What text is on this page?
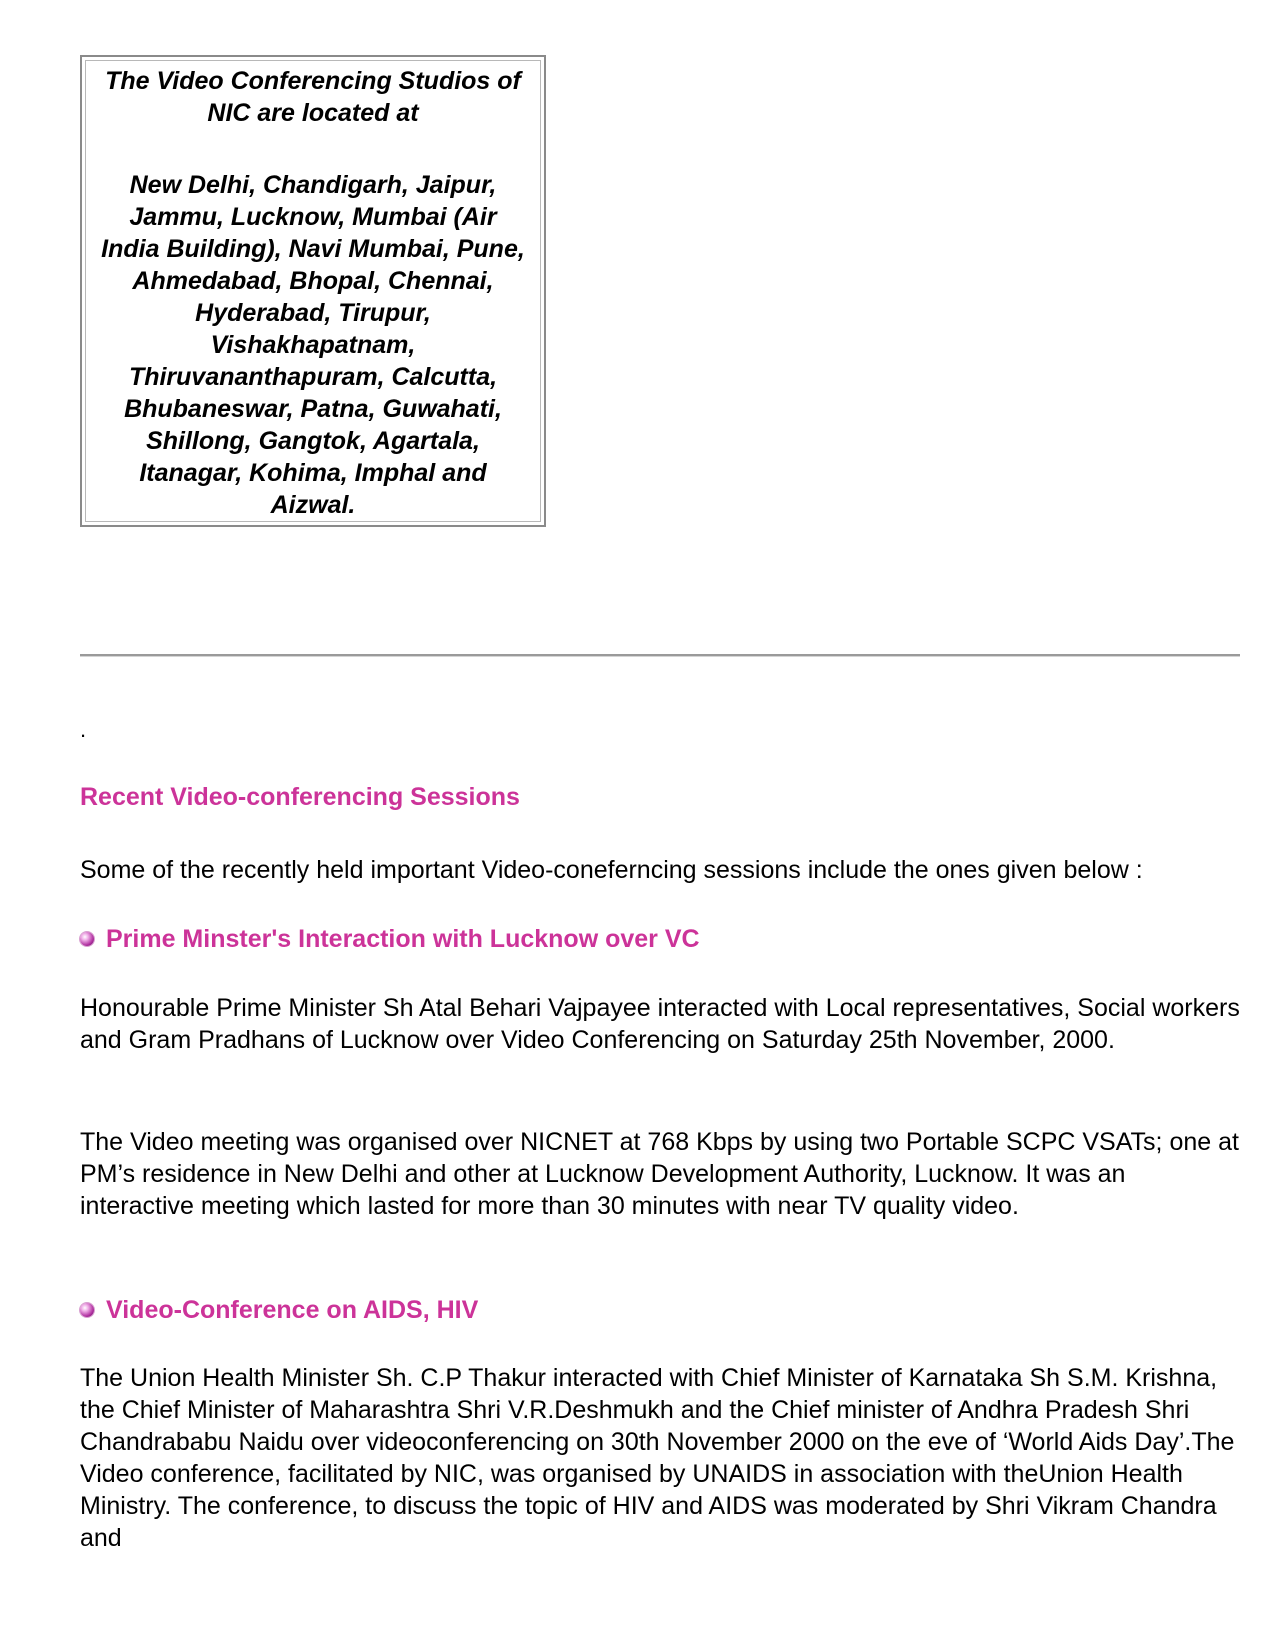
The Video Conferencing Studios of NIC are located at

New Delhi, Chandigarh, Jaipur, Jammu, Lucknow, Mumbai (Air India Building), Navi Mumbai, Pune, Ahmedabad, Bhopal, Chennai, Hyderabad, Tirupur, Vishakhapatnam, Thiruvananthapuram, Calcutta, Bhubaneswar, Patna, Guwahati, Shillong, Gangtok, Agartala, Itanagar, Kohima, Imphal and Aizwal.

.
Recent Video-conferencing Sessions

Some of the recently held important Video-coneferncing sessions include the ones given below :

Prime Minster's Interaction with Lucknow over VC

Honourable Prime Minister Sh Atal Behari Vajpayee interacted with Local representatives, Social workers and Gram Pradhans of Lucknow over Video Conferencing on Saturday 25th November, 2000.

The Video meeting was organised over NICNET at 768 Kbps by using two Portable SCPC VSATs; one at PM’s residence in New Delhi and other at Lucknow Development Authority, Lucknow. It was an interactive meeting which lasted for more than 30 minutes with near TV quality video.

Video-Conference on AIDS, HIV

The Union Health Minister Sh. C.P Thakur interacted with Chief Minister of Karnataka Sh S.M. Krishna, the Chief Minister of Maharashtra Shri V.R.Deshmukh and the Chief minister of Andhra Pradesh Shri Chandrababu Naidu over videoconferencing on 30th November 2000 on the eve of ‘World Aids Day’.The Video conference, facilitated by NIC, was organised by UNAIDS in association with theUnion Health Ministry. The conference, to discuss the topic of HIV and AIDS was moderated by Shri Vikram Chandra and
